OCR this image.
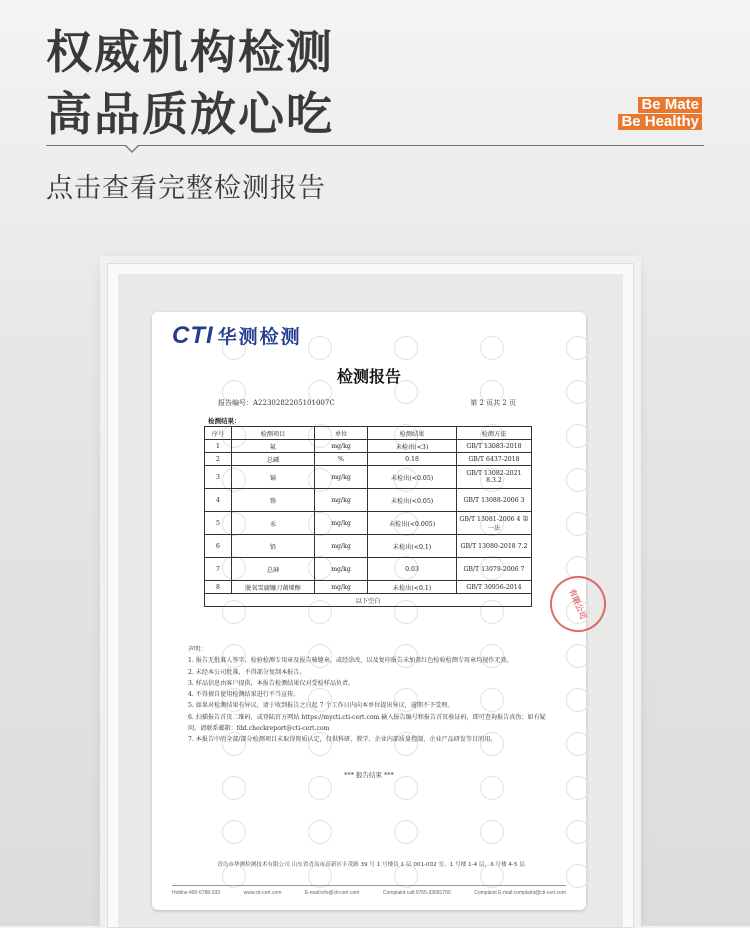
权威机构检测
高品质放心吃	Be Mate
Be Healthy
点击查看完整检测报告
CTI 华测检测
检测报告
报告编号：A2230282205101007C	第 2 页共 2 页
检测结果：
序号	检测项目	单位	检测结果	检测方法
1	氟	mg/kg	未检出(<3)	GB/T 13083-2018
2	总磷	%	0.18	GB/T 6437-2018
3	镉	mg/kg	未检出(<0.05)	GB/T 13082-2021 8.3.2
4	铬	mg/kg	未检出(<0.05)	GB/T 13088-2006 3
5	汞	mg/kg	未检出(<0.005)	GB/T 13081-2006 4 第一法
6	铅	mg/kg	未检出(<0.1)	GB/T 13080-2018 7.2
7	总砷	mg/kg	0.03	GB/T 13079-2006 7
8	脱氧雪腐镰刀菌烯醇	mg/kg	未检出(<0.1)	GB/T 30956-2014
以下空白				

声明：

1. 报告无批准人签字、检验检测专用章及报告骑缝章，或经涂改，以及复印报告未加盖红色检验检测专用章均视作无效。

2. 未经本公司批准，不得部分复制本报告。

3. 样品信息由客户提供，本报告检测结果仅对受检样品负责。

4. 不得擅自使用检测结果进行不当宣传。

5. 如果对检测结果有异议，请于收到报告之日起 7 个工作日内向本单位提出异议，逾期不予受理。

6. 扫描报告首页二维码，或登陆官方网站 https://mycti.cti-cert.com 输入报告编号和报告首页验证码，即可查询报告真伪；如有疑问，请联系邮箱：fdd.checkreport@cti-cert.com

7. 本报告中的全部/部分检测项目未取得资质认定，仅供科研、教学、企业内部质量控制、企业产品研发等目的用。

*** 报告结束 ***
青岛市华测检测技术有限公司 山东省青岛市高新区丰茂路 39 号 1 号楼负 1 层 001-002 室，1 号楼 1-4 层，3 号楼 4-5 层
Hotline:400-6788-333	www.cti-cert.com	E-mail:info@cti-cert.com	Complaint call:0755-33681700	Complaint E-mail:complaint@cti-cert.com
有限公司
